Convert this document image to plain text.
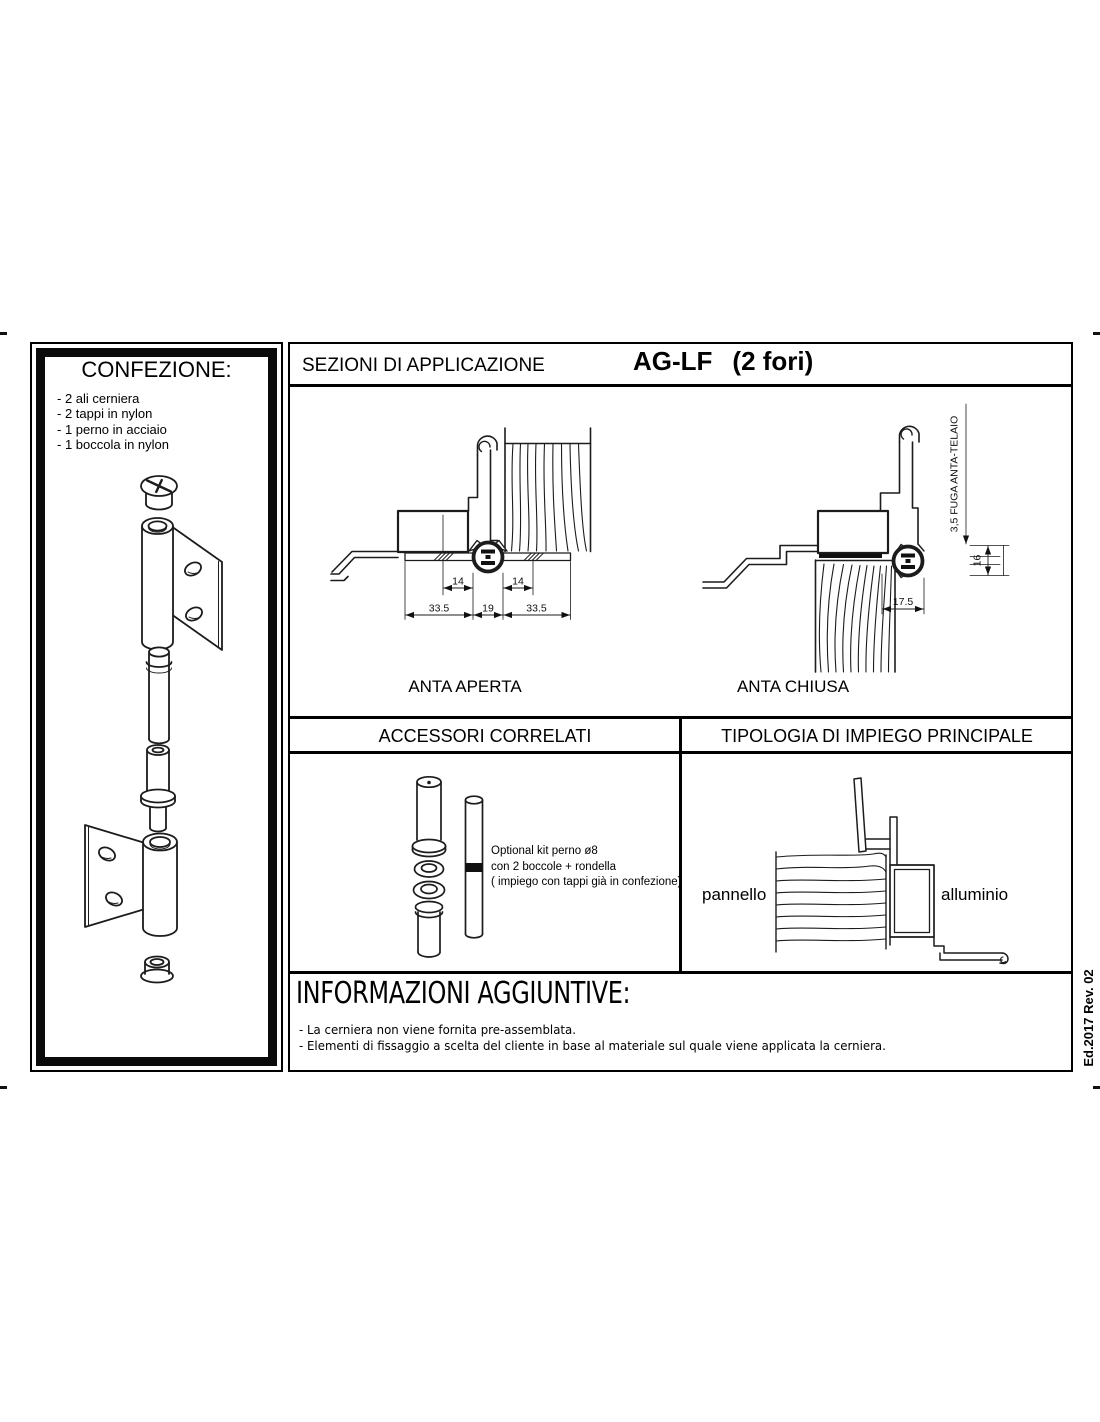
CONFEZIONE:
- 2 ali cerniera
- 2 tappi in nylon
- 1 perno in acciaio
- 1 boccola in nylon
SEZIONI DI APPLICAZIONE	AG-LF (2 fori)
14	14
33.5	19	33.5
ANTA APERTA
3,5 FUGA ANTA-TELAIO
16
17.5
ANTA CHIUSA
ACCESSORI CORRELATI	TIPOLOGIA DI IMPIEGO PRINCIPALE
Optional kit perno ø8
con 2 boccole + rondella
( impiego con tappi già in confezione)
pannello	alluminio
INFORMAZIONI AGGIUNTIVE:
- La cerniera non viene fornita pre-assemblata.
- Elementi di fissaggio a scelta del cliente in base al materiale sul quale viene applicata la cerniera.	Ed.2017 Rev. 02
